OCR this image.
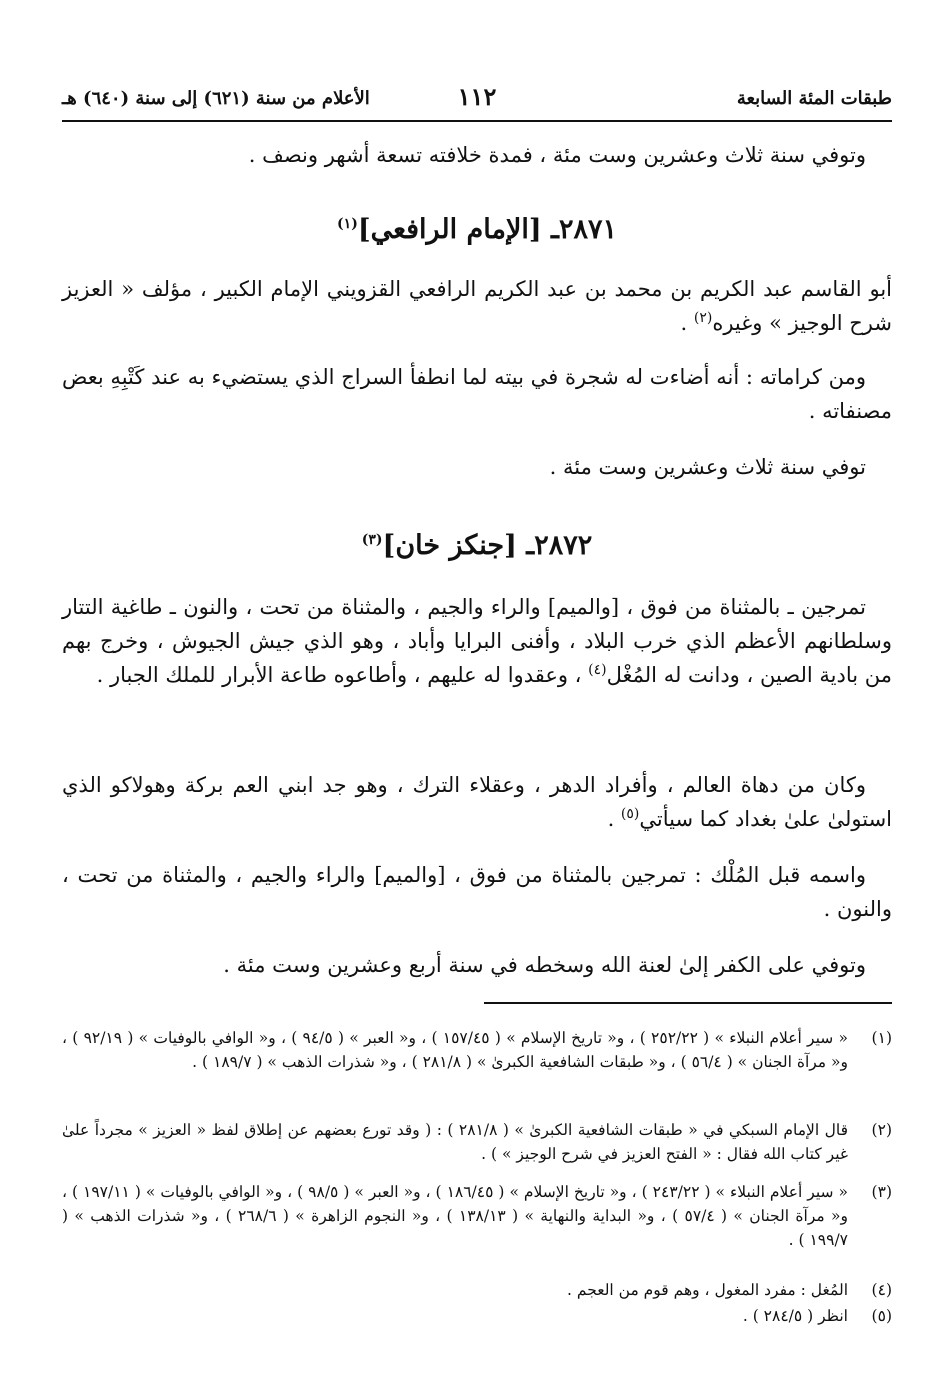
طبقات المئة السابعة
١١٢
الأعلام من سنة (٦٢١) إلى سنة (٦٤٠) هـ
وتوفي سنة ثلاث وعشرين وست مئة ، فمدة خلافته تسعة أشهر ونصف .
٢٨٧١ـ [الإمام الرافعي]$^{(١)}$
أبو القاسم عبد الكريم بن محمد بن عبد الكريم الرافعي القزويني الإمام الكبير ، مؤلف « العزيز شرح الوجيز » وغيره$^{(٢)}$ .
ومن كراماته : أنه أضاءت له شجرة في بيته لما انطفأ السراج الذي يستضيء به عند كَتْبِهِ بعض مصنفاته .
توفي سنة ثلاث وعشرين وست مئة .
٢٨٧٢ـ [جنكز خان]$^{(٣)}$
تمرجين ـ بالمثناة من فوق ، [والميم] والراء والجيم ، والمثناة من تحت ، والنون ـ طاغية التتار وسلطانهم الأعظم الذي خرب البلاد ، وأفنى البرايا وأباد ، وهو الذي جيش الجيوش ، وخرج بهم من بادية الصين ، ودانت له المُغْل$^{(٤)}$ ، وعقدوا له عليهم ، وأطاعوه طاعة الأبرار للملك الجبار .
وكان من دهاة العالم ، وأفراد الدهر ، وعقلاء الترك ، وهو جد ابني العم بركة وهولاكو الذي استولىٰ علىٰ بغداد كما سيأتي$^{(٥)}$ .
واسمه قبل المُلْك : تمرجين بالمثناة من فوق ، [والميم] والراء والجيم ، والمثناة من تحت ، والنون .
وتوفي على الكفر إلىٰ لعنة الله وسخطه في سنة أربع وعشرين وست مئة .
(١)
« سير أعلام النبلاء » ( ٢٥٢/٢٢ ) ، و« تاريخ الإسلام » ( ١٥٧/٤٥ ) ، و« العبر » ( ٩٤/٥ ) ، و« الوافي بالوفيات » ( ٩٢/١٩ ) ، و« مرآة الجنان » ( ٥٦/٤ ) ، و« طبقات الشافعية الكبرىٰ » ( ٢٨١/٨ ) ، و« شذرات الذهب » ( ١٨٩/٧ ) .
(٢)
قال الإمام السبكي في « طبقات الشافعية الكبرىٰ » ( ٢٨١/٨ ) : ( وقد تورع بعضهم عن إطلاق لفظ « العزيز » مجرداً علىٰ غير كتاب الله فقال : « الفتح العزيز في شرح الوجيز » ) .
(٣)
« سير أعلام النبلاء » ( ٢٤٣/٢٢ ) ، و« تاريخ الإسلام » ( ١٨٦/٤٥ ) ، و« العبر » ( ٩٨/٥ ) ، و« الوافي بالوفيات » ( ١٩٧/١١ ) ، و« مرآة الجنان » ( ٥٧/٤ ) ، و« البداية والنهاية » ( ١٣٨/١٣ ) ، و« النجوم الزاهرة » ( ٢٦٨/٦ ) ، و« شذرات الذهب » ( ١٩٩/٧ ) .
(٤)
المُغل : مفرد المغول ، وهم قوم من العجم .
(٥)
انظر ( ٢٨٤/٥ ) .
